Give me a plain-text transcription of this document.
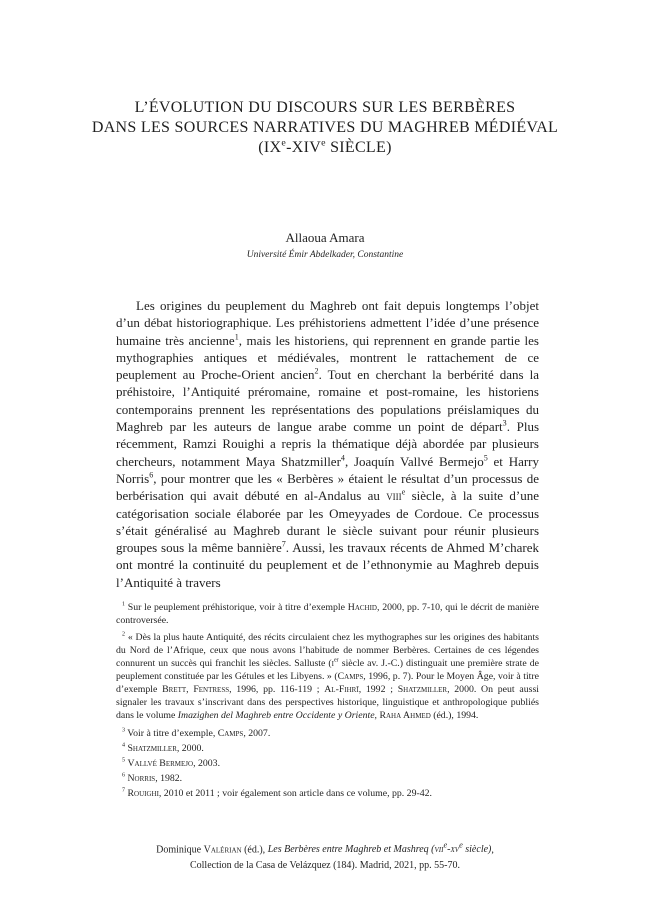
L’ÉVOLUTION DU DISCOURS SUR LES BERBÈRES
DANS LES SOURCES NARRATIVES DU MAGHREB MÉDIÉVAL
(IXe-XIVe SIÈCLE)
Allaoua Amara
Université Émir Abdelkader, Constantine

Les origines du peuplement du Maghreb ont fait depuis longtemps l’objet d’un débat historiographique. Les préhistoriens admettent l’idée d’une présence humaine très ancienne$^1$, mais les historiens, qui reprennent en grande partie les mythographies antiques et médiévales, montrent le rattachement de ce peuplement au Proche-Orient ancien$^2$. Tout en cherchant la berbérité dans la préhistoire, l’Antiquité préromaine, romaine et post-romaine, les historiens contemporains prennent les représentations des populations préislamiques du Maghreb par les auteurs de langue arabe comme un point de départ$^3$. Plus récemment, Ramzi Rouighi a repris la thématique déjà abordée par plusieurs chercheurs, notamment Maya Shatzmiller$^4$, Joaquín Vallvé Bermejo$^5$ et Harry Norris$^6$, pour montrer que les « Berbères » étaient le résultat d’un processus de berbérisation qui avait débuté en al-Andalus au viii$^e$ siècle, à la suite d’une catégorisation sociale élaborée par les Omeyyades de Cordoue. Ce processus s’était généralisé au Maghreb durant le siècle suivant pour réunir plusieurs groupes sous la même bannière$^7$. Aussi, les travaux récents de Ahmed M’charek ont montré la continuité du peuplement et de l’ethnonymie au Maghreb depuis l’Antiquité à travers

$^1$ Sur le peuplement préhistorique, voir à titre d’exemple Hachid, 2000, pp. 7-10, qui le décrit de manière controversée.

$^2$ « Dès la plus haute Antiquité, des récits circulaient chez les mythographes sur les origines des habitants du Nord de l’Afrique, ceux que nous avons l’habitude de nommer Berbères. Certaines de ces légendes connurent un succès qui franchit les siècles. Salluste ($i^{er}$ siècle av. J.-C.) distinguait une première strate de peuplement constituée par les Gétules et les Libyens. » (Camps, 1996, p. 7). Pour le Moyen Âge, voir à titre d’exemple Brett, Fentress, 1996, pp. 116-119 ; Al-Fihrī, 1992 ; Shatzmiller, 2000. On peut aussi signaler les travaux s’inscrivant dans des perspectives historique, linguistique et anthropologique publiés dans le volume Imazighen del Maghreb entre Occidente y Oriente, Raha Ahmed (éd.), 1994.

$^3$ Voir à titre d’exemple, Camps, 2007.

$^4$ Shatzmiller, 2000.

$^5$ Vallvé Bermejo, 2003.

$^6$ Norris, 1982.

$^7$ Rouighi, 2010 et 2011 ; voir également son article dans ce volume, pp. 29-42.

Dominique Valérian (éd.), Les Berbères entre Maghreb et Mashreq ($vii^e-xv^e$ siècle),
Collection de la Casa de Velázquez (184). Madrid, 2021, pp. 55-70.
